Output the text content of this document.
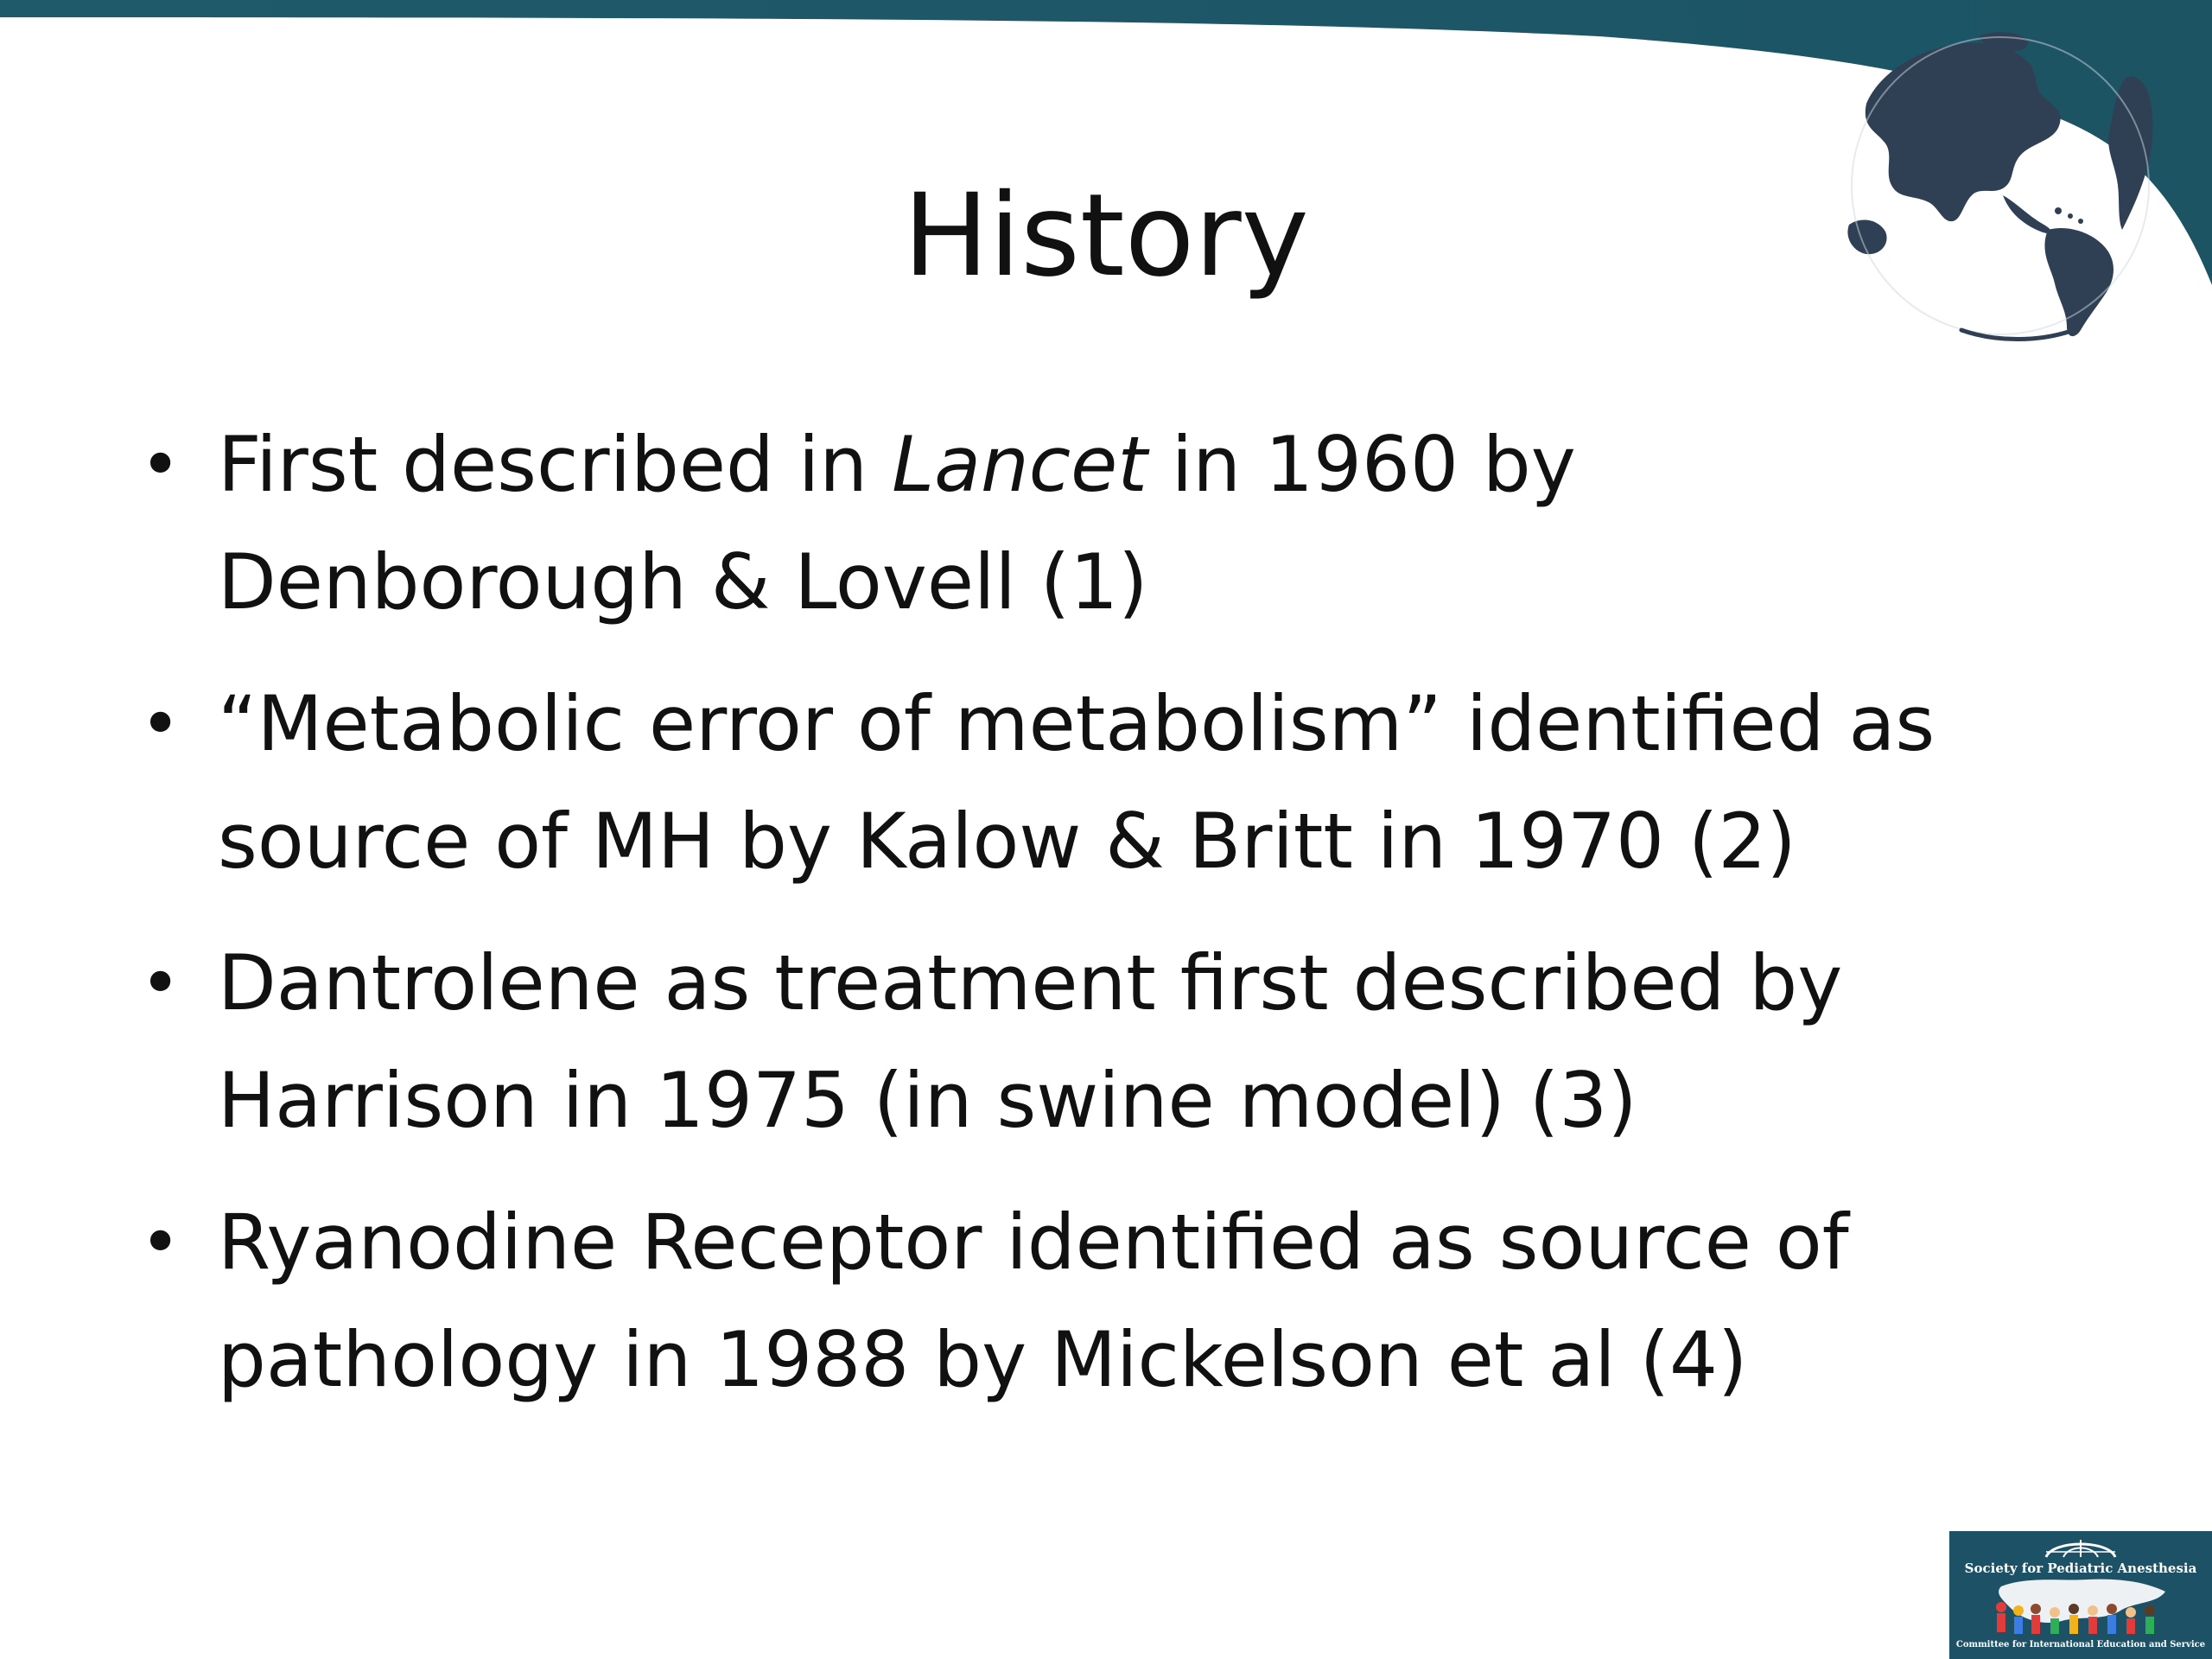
History
• First described in Lancet in 1960 by
Denborough & Lovell (1)
• “Metabolic error of metabolism” identified as
source of MH by Kalow & Britt in 1970 (2)
• Dantrolene as treatment first described by
Harrison in 1975 (in swine model) (3)
• Ryanodine Receptor identified as source of
pathology in 1988 by Mickelson et al (4)
Society for Pediatric Anesthesia
Committee for International Education and Service
